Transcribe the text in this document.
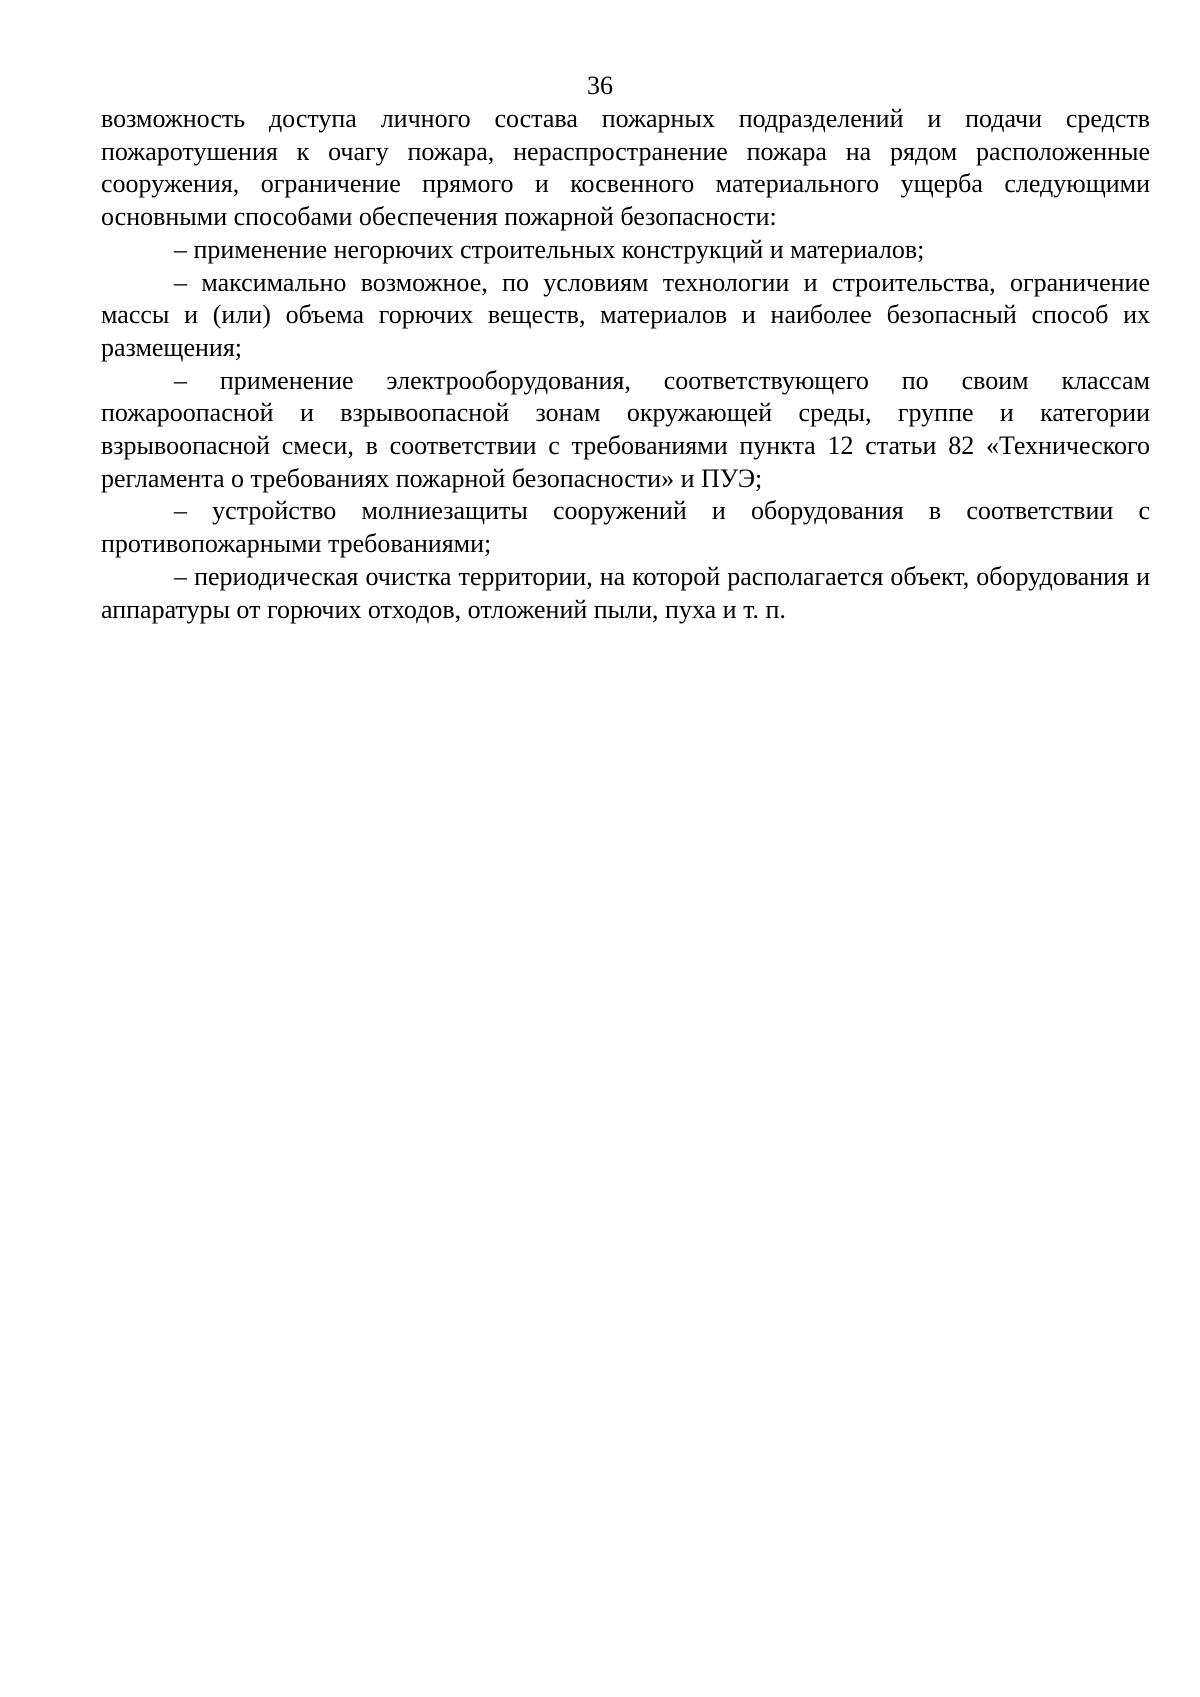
36

возможность доступа личного состава пожарных подразделений и подачи средств пожаротушения к очагу пожара, нераспространение пожара на рядом расположенные сооружения, ограничение прямого и косвенного материального ущерба следующими основными способами обеспечения пожарной безопасности:

– применение негорючих строительных конструкций и материалов;

– максимально возможное, по условиям технологии и строительства, ограничение массы и (или) объема горючих веществ, материалов и наиболее безопасный способ их размещения;

– применение электрооборудования, соответствующего по своим классам пожароопасной и взрывоопасной зонам окружающей среды, группе и категории взрывоопасной смеси, в соответствии с требованиями пункта 12 статьи 82 «Технического регламента о требованиях пожарной безопасности» и ПУЭ;

– устройство молниезащиты сооружений и оборудования в соответствии с противопожарными требованиями;

– периодическая очистка территории, на которой располагается объект, оборудования и аппаратуры от горючих отходов, отложений пыли, пуха и т. п.
